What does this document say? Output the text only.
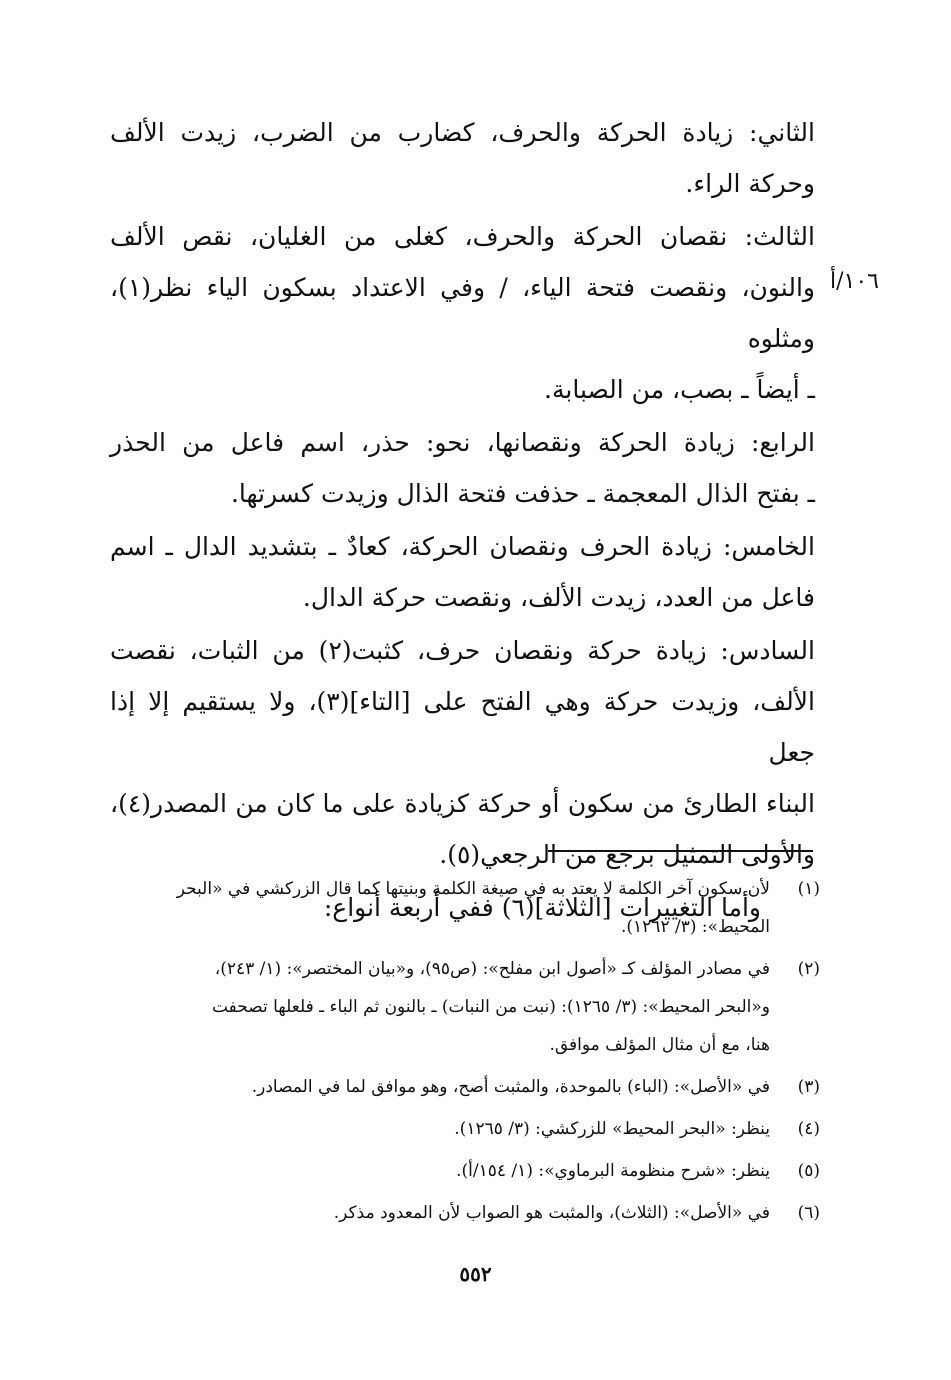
١٠٦/أ

الثاني: زيادة الحركة والحرف، كضارب من الضرب، زيدت الألف
وحركة الراء.

الثالث: نقصان الحركة والحرف، كغلى من الغليان، نقص الألف
والنون، ونقصت فتحة الياء، / وفي الاعتداد بسكون الياء نظر(١)، ومثلوه
ـ أيضاً ـ بصب، من الصبابة.

الرابع: زيادة الحركة ونقصانها، نحو: حذر، اسم فاعل من الحذر
ـ بفتح الذال المعجمة ـ حذفت فتحة الذال وزيدت كسرتها.

الخامس: زيادة الحرف ونقصان الحركة، كعادٌ ـ بتشديد الدال ـ اسم
فاعل من العدد، زيدت الألف، ونقصت حركة الدال.

السادس: زيادة حركة ونقصان حرف، كثبت(٢) من الثبات، نقصت
الألف، وزيدت حركة وهي الفتح على [التاء](٣)، ولا يستقيم إلا إذا جعل
البناء الطارئ من سكون أو حركة كزيادة على ما كان من المصدر(٤)،
والأولى التمثيل برجع من الرجعي(٥).

وأما التغييرات [الثلاثة](٦) ففي أربعة أنواع:

(١)
لأن سكون آخر الكلمة لا يعتد به في صيغة الكلمة وبنيتها كما قال الزركشي في «البحر
المحيط»: (٣/ ١٢٦٢).
(٢)
في مصادر المؤلف كـ «أصول ابن مفلح»: (ص٩٥)، و«بيان المختصر»: (١/ ٢٤٣)،
و«البحر المحيط»: (٣/ ١٢٦٥): (نبت من النبات) ـ بالنون ثم الباء ـ فلعلها تصحفت
هنا، مع أن مثال المؤلف موافق.
(٣)
في «الأصل»: (الباء) بالموحدة، والمثبت أصح، وهو موافق لما في المصادر.
(٤)
ينظر: «البحر المحيط» للزركشي: (٣/ ١٢٦٥).
(٥)
ينظر: «شرح منظومة البرماوي»: (١/ ١٥٤/أ).
(٦)
في «الأصل»: (الثلاث)، والمثبت هو الصواب لأن المعدود مذكر.
٥٥٢
